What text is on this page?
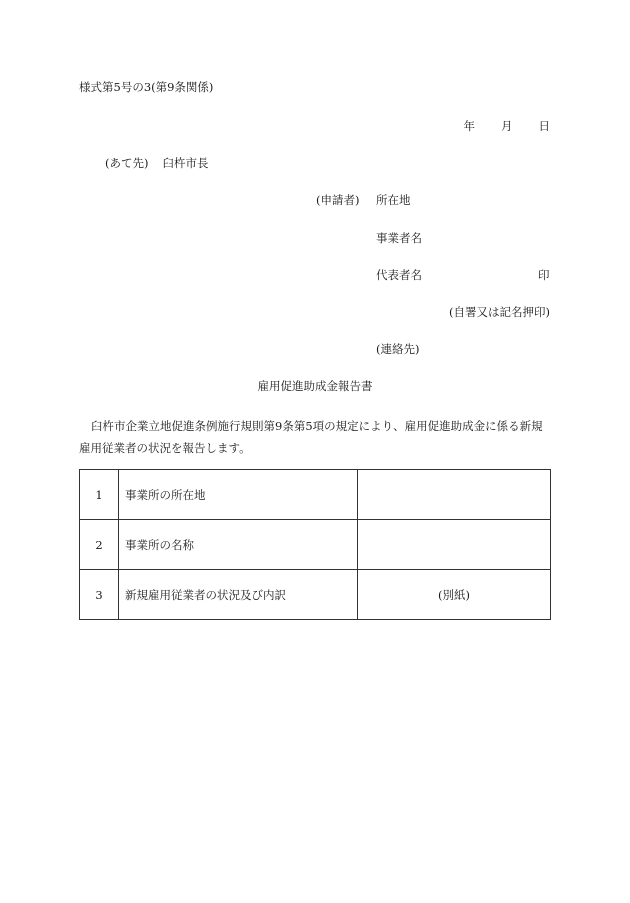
様式第5号の3(第9条関係)
年 月 日
(あて先) 臼杵市長
(申請者) 所在地
事業者名
代表者名	印
(自署又は記名押印)
(連絡先)
雇用促進助成金報告書
臼杵市企業立地促進条例施行規則第9条第5項の規定により、雇用促進助成金に係る新規雇用従業者の状況を報告します。
1	事業所の所在地	
2	事業所の名称	
3	新規雇用従業者の状況及び内訳	(別紙)
